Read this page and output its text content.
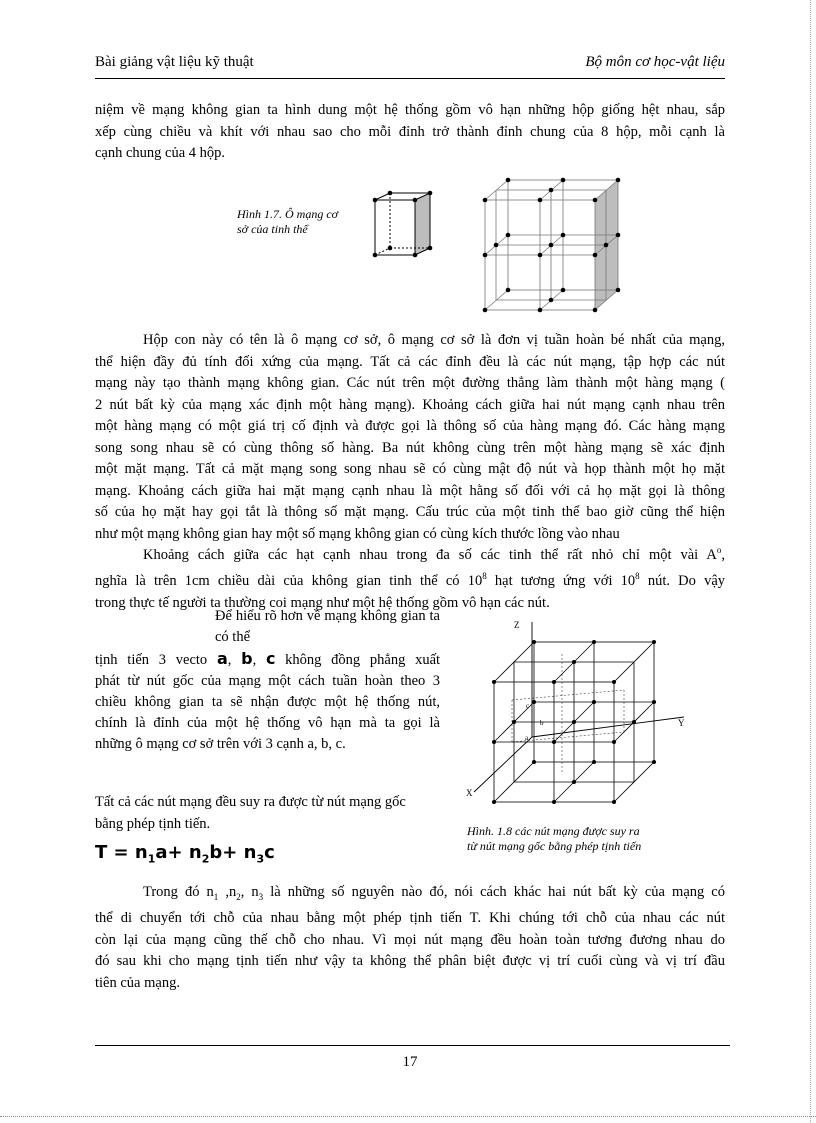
Bài giảng vật liệu kỹ thuật	Bộ môn cơ học-vật liệu
niệm về mạng không gian ta hình dung một hệ thống gồm vô hạn những hộp giống hệt nhau, sắp
xếp cùng chiều và khít với nhau sao cho mỗi đỉnh trở thành đỉnh chung của 8 hộp, mỗi cạnh là
cạnh chung của 4 hộp.
Hình 1.7. Ô mạng cơ
sở của tinh thể
Hộp con này có tên là ô mạng cơ sở, ô mạng cơ sở là đơn vị tuần hoàn bé nhất của mạng,
thể hiện đầy đủ tính đối xứng của mạng. Tất cả các đỉnh đều là các nút mạng, tập hợp các nút
mạng này tạo thành mạng không gian. Các nút trên một đường thẳng làm thành một hàng mạng (
2 nút bất kỳ của mạng xác định một hàng mạng). Khoảng cách giữa hai nút mạng cạnh nhau trên
một hàng mạng có một giá trị cố định và được gọi là thông số của hàng mạng đó. Các hàng mạng
song song nhau sẽ có cùng thông số hàng. Ba nút không cùng trên một hàng mạng sẽ xác định
một mặt mạng. Tất cả mặt mạng song song nhau sẽ có cùng mật độ nút và họp thành một họ mặt
mạng. Khoảng cách giữa hai mặt mạng cạnh nhau là một hằng số đối với cả họ mặt gọi là thông
số của họ mặt hay gọi tắt là thông số mặt mạng. Cấu trúc của một tinh thể bao giờ cũng thể hiện
như một mạng không gian hay một số mạng không gian có cùng kích thước lồng vào nhau
Khoảng cách giữa các hạt cạnh nhau trong đa số các tinh thể rất nhỏ chỉ một vài $A^o$,
nghĩa là trên 1cm chiều dài của không gian tinh thể có $10^8$ hạt tương ứng với $10^8$ nút. Do vậy
trong thực tế người ta thường coi mạng như một hệ thống gồm vô hạn các nút.
Để hiểu rõ hơn về mạng không gian ta có thể
tịnh tiến 3 vecto a, b, c không đồng phẳng xuất
phát từ nút gốc của mạng một cách tuần hoàn theo 3
chiều không gian ta sẽ nhận được một hệ thống nút,
chính là đỉnh của một hệ thống vô hạn mà ta gọi là
những ô mạng cơ sở trên với 3 cạnh a, b, c.
Tất cả các nút mạng đều suy ra được từ nút mạng gốc
bằng phép tịnh tiến.
$T = n_1a+ n_2b+ n_3c$
Z
Y
X
a
b
c
Hình. 1.8 các nút mạng được suy ra
từ nút mạng gốc bằng phép tịnh tiến
Trong đó $n_1$ $,n_2$, $n_3$ là những số nguyên nào đó, nói cách khác hai nút bất kỳ của mạng có
thể di chuyển tới chỗ của nhau bằng một phép tịnh tiến T. Khi chúng tới chỗ của nhau các nút
còn lại của mạng cũng thế chỗ cho nhau. Vì mọi nút mạng đều hoàn toàn tương đương nhau do
đó sau khi cho mạng tịnh tiến như vậy ta không thể phân biệt được vị trí cuối cùng và vị trí đầu
tiên của mạng.
17
